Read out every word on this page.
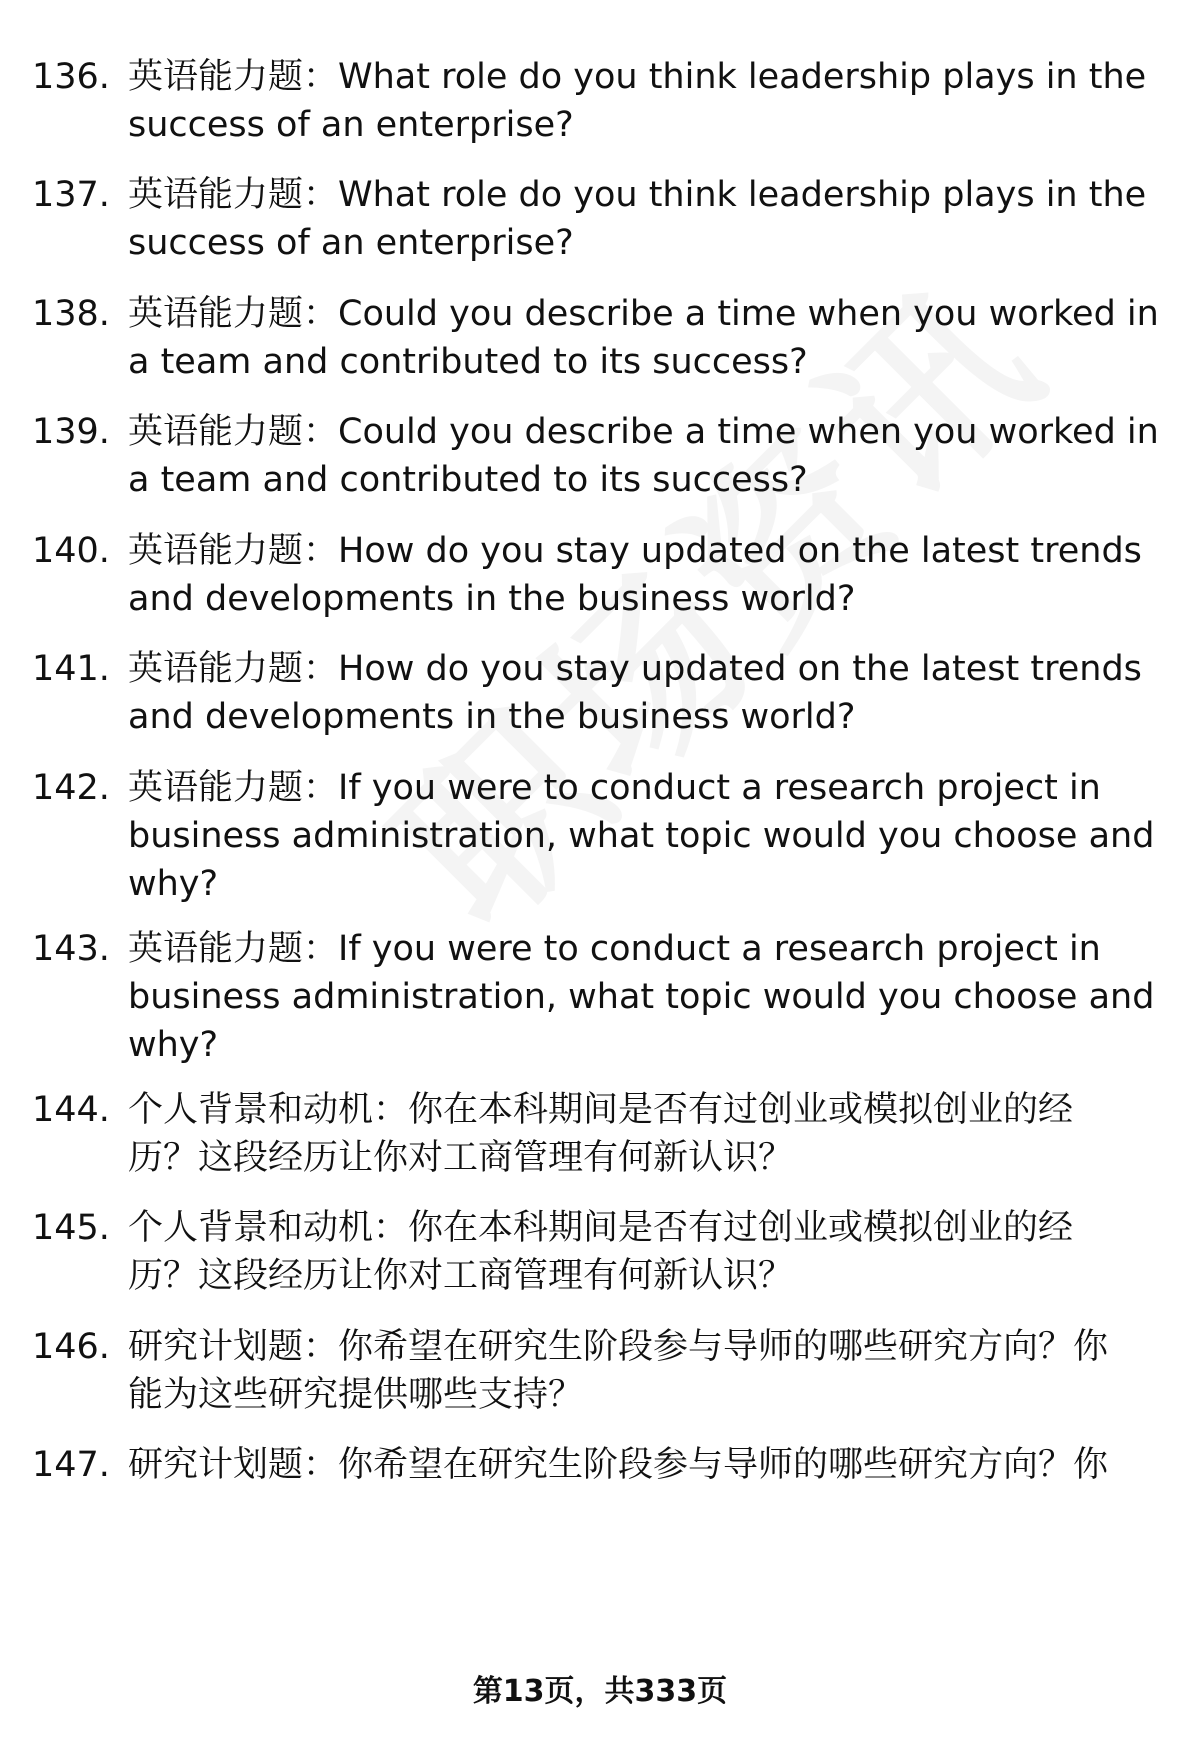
136. 英语能力题：What role do you think leadership plays in the
success of an enterprise?
137. 英语能力题：What role do you think leadership plays in the
success of an enterprise?
138. 英语能力题：Could you describe a time when you worked in
a team and contributed to its success?
139. 英语能力题：Could you describe a time when you worked in
a team and contributed to its success?
140. 英语能力题：How do you stay updated on the latest trends
and developments in the business world?
141. 英语能力题：How do you stay updated on the latest trends
and developments in the business world?
142. 英语能力题：If you were to conduct a research project in
business administration, what topic would you choose and
why?
143. 英语能力题：If you were to conduct a research project in
business administration, what topic would you choose and
why?
144. 个人背景和动机：你在本科期间是否有过创业或模拟创业的经
历？这段经历让你对工商管理有何新认识？
145. 个人背景和动机：你在本科期间是否有过创业或模拟创业的经
历？这段经历让你对工商管理有何新认识？
146. 研究计划题：你希望在研究生阶段参与导师的哪些研究方向？你
能为这些研究提供哪些支持？
147. 研究计划题：你希望在研究生阶段参与导师的哪些研究方向？你
第13页，共333页
